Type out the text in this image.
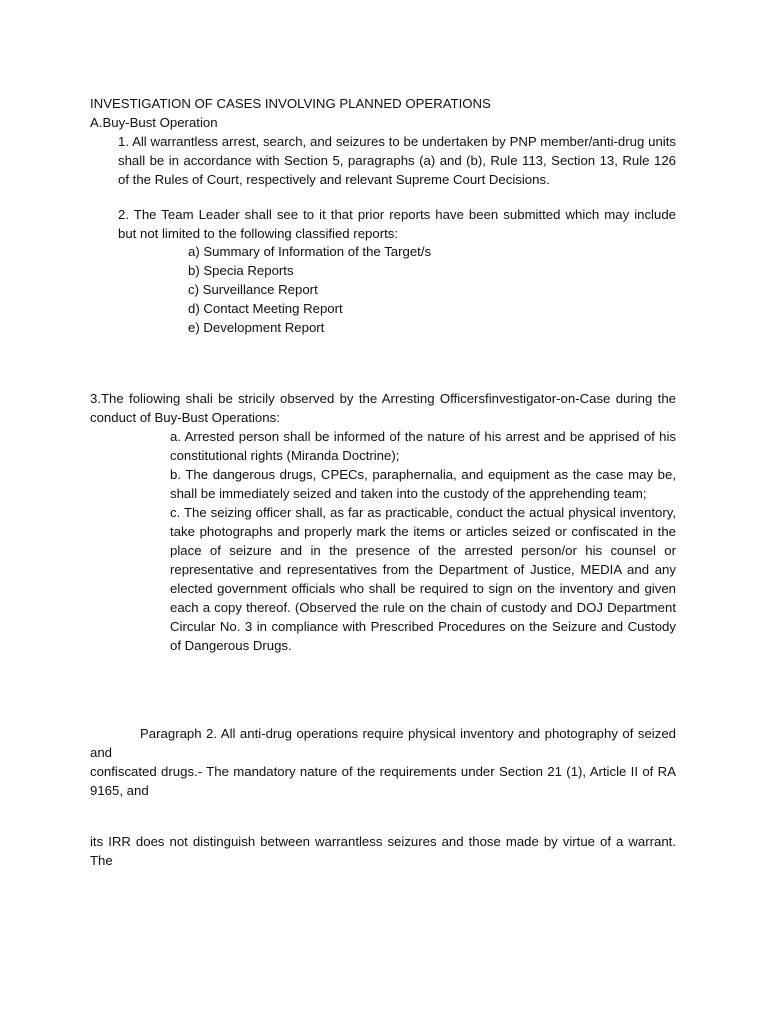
INVESTIGATION OF CASES INVOLVING PLANNED OPERATIONS
A.Buy-Bust Operation
1. All warrantless arrest, search, and seizures to be undertaken by PNP member/anti-drug units shall be in accordance with Section 5, paragraphs (a) and (b), Rule 113, Section 13, Rule 126 of the Rules of Court, respectively and relevant Supreme Court Decisions.
2. The Team Leader shall see to it that prior reports have been submitted which may include but not limited to the following classified reports:
a) Summary of Information of the Target/s
b) Specia Reports
c) Surveillance Report
d) Contact Meeting Report
e) Development Report
3.The foliowing shali be stricily observed by the Arresting Officersfinvestigator-on-Case during the conduct of Buy-Bust Operations:
a. Arrested person shall be informed of the nature of his arrest and be apprised of his constitutional rights (Miranda Doctrine);
b. The dangerous drugs, CPECs, paraphernalia, and equipment as the case may be, shall be immediately seized and taken into the custody of the apprehending team;
c. The seizing officer shall, as far as practicable, conduct the actual physical inventory, take photographs and properly mark the items or articles seized or confiscated in the place of seizure and in the presence of the arrested person/or his counsel or representative and representatives from the Department of Justice, MEDIA and any elected government officials who shall be required to sign on the inventory and given each a copy thereof. (Observed the rule on the chain of custody and DOJ Department Circular No. 3 in compliance with Prescribed Procedures on the Seizure and Custody of Dangerous Drugs.
Paragraph 2. All anti-drug operations require physical inventory and photography of seized and
confiscated drugs.- The mandatory nature of the requirements under Section 21 (1), Article II of RA 9165, and
its IRR does not distinguish between warrantless seizures and those made by virtue of a warrant. The
